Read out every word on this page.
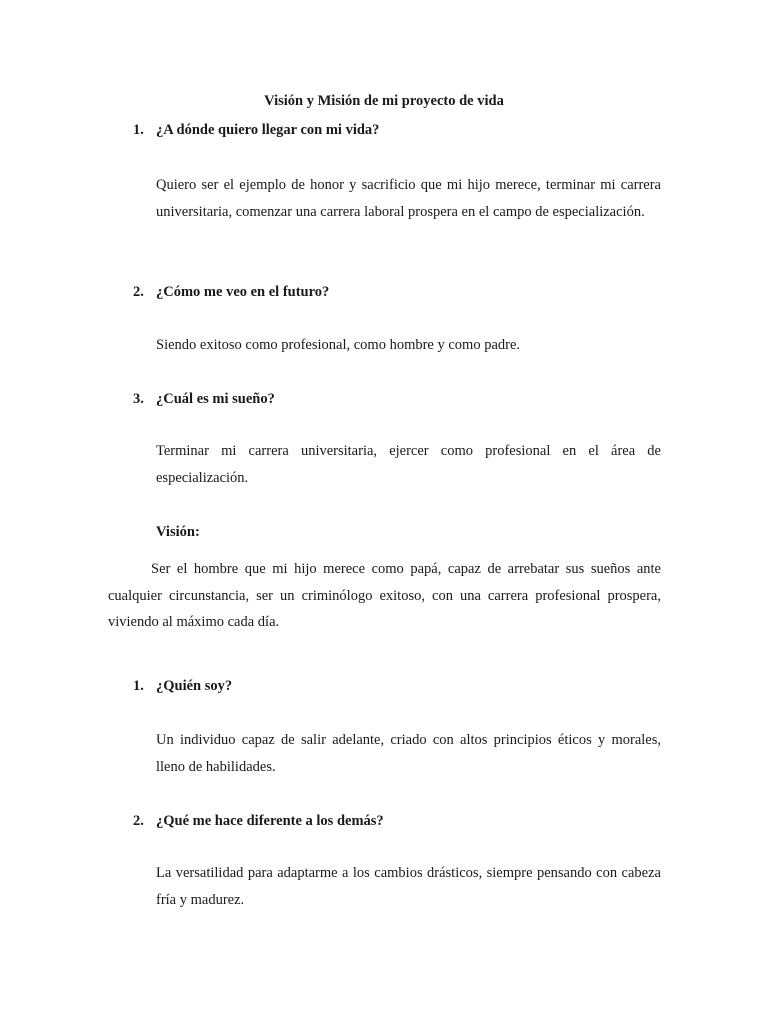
Visión y Misión de mi proyecto de vida
1. ¿A dónde quiero llegar con mi vida?
Quiero ser el ejemplo de honor y sacrificio que mi hijo merece, terminar mi carrera universitaria, comenzar una carrera laboral prospera en el campo de especialización.
2. ¿Cómo me veo en el futuro?
Siendo exitoso como profesional, como hombre y como padre.
3. ¿Cuál es mi sueño?
Terminar mi carrera universitaria, ejercer como profesional en el área de especialización.
Visión:
Ser el hombre que mi hijo merece como papá, capaz de arrebatar sus sueños ante cualquier circunstancia, ser un criminólogo exitoso, con una carrera profesional prospera, viviendo al máximo cada día.
1. ¿Quién soy?
Un individuo capaz de salir adelante, criado con altos principios éticos y morales, lleno de habilidades.
2. ¿Qué me hace diferente a los demás?
La versatilidad para adaptarme a los cambios drásticos, siempre pensando con cabeza fría y madurez.
